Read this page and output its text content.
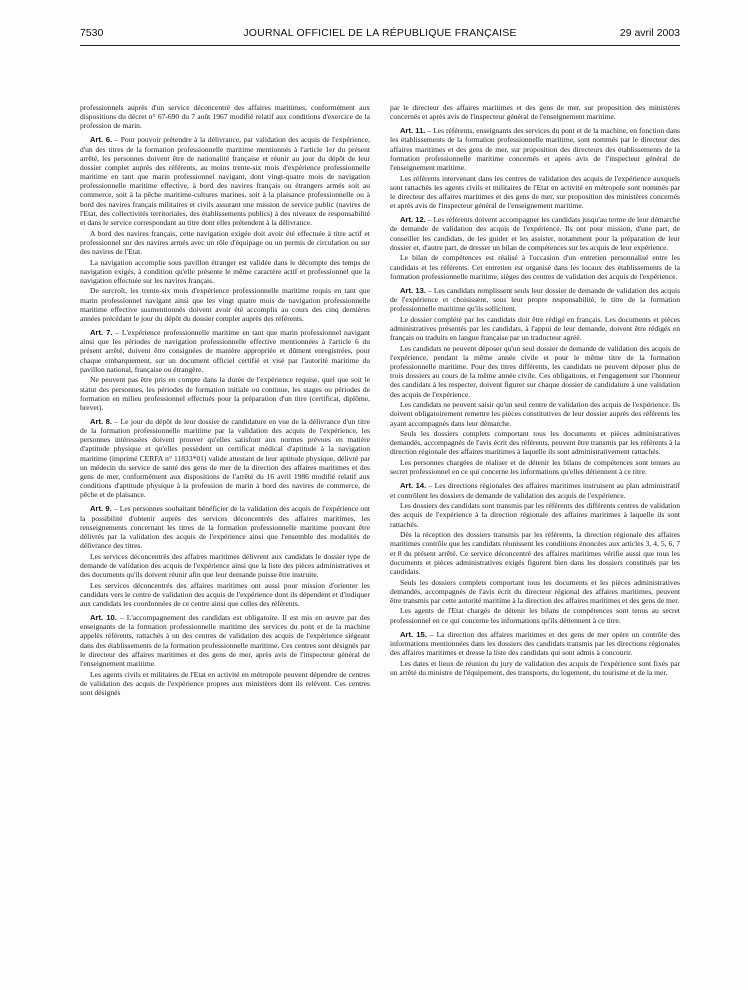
7530	JOURNAL OFFICIEL DE LA RÉPUBLIQUE FRANÇAISE	29 avril 2003

professionnels auprès d'un service déconcentré des affaires maritimes, conformément aux dispositions du décret n° 67-690 du 7 août 1967 modifié relatif aux conditions d'exercice de la profession de marin.

Art. 6. – Pour pouvoir prétendre à la délivrance, par validation des acquis de l'expérience, d'un des titres de la formation professionnelle maritime mentionnés à l'article 1er du présent arrêté, les personnes doivent être de nationalité française et réunir au jour du dépôt de leur dossier complet auprès des référents, au moins trente-six mois d'expérience professionnelle maritime en tant que marin professionnel navigant, dont vingt-quatre mois de navigation professionnelle maritime effective, à bord des navires français ou étrangers armés soit au commerce, soit à la pêche maritime-cultures marines, soit à la plaisance professionnelle ou à bord des navires français militaires et civils assurant une mission de service public (navires de l'Etat, des collectivités territoriales, des établissements publics) à des niveaux de responsabilité et dans le service correspondant au titre dont elles prétendent à la délivrance.

A bord des navires français, cette navigation exigée doit avoir été effectuée à titre actif et professionnel sur des navires armés avec un rôle d'équipage ou un permis de circulation ou sur des navires de l'Etat.

La navigation accomplie sous pavillon étranger est validée dans le décompte des temps de navigation exigés, à condition qu'elle présente le même caractère actif et professionnel que la navigation effectuée sur les navires français.

De surcroît, les trente-six mois d'expérience professionnelle maritime requis en tant que marin professionnel navigant ainsi que les vingt quatre mois de navigation professionnelle maritime effective susmentionnés doivent avoir été accomplis au cours des cinq dernières années précédant le jour du dépôt du dossier complet auprès des référents.

Art. 7. – L'expérience professionnelle maritime en tant que marin professionnel navigant ainsi que les périodes de navigation professionnelle effective mentionnées à l'article 6 du présent arrêté, doivent être consignées de manière appropriée et dûment enregistrées, pour chaque embarquement, sur un document officiel certifié et visé par l'autorité maritime du pavillon national, française ou étrangère.

Ne peuvent pas être pris en compte dans la durée de l'expérience requise, quel que soit le statut des personnes, les périodes de formation initiale ou continue, les stages ou périodes de formation en milieu professionnel effectués pour la préparation d'un titre (certificat, diplôme, brevet).

Art. 8. – Le jour du dépôt de leur dossier de candidature en vue de la délivrance d'un titre de la formation professionnelle maritime par la validation des acquis de l'expérience, les personnes intéressées doivent prouver qu'elles satisfont aux normes prévues en matière d'aptitude physique et qu'elles possèdent un certificat médical d'aptitude à la navigation maritime (imprimé CERFA n° 11833*01) valide attestant de leur aptitude physique, délivré par un médecin du service de santé des gens de mer de la direction des affaires maritimes et des gens de mer, conformément aux dispositions de l'arrêté du 16 avril 1986 modifié relatif aux conditions d'aptitude physique à la profession de marin à bord des navires de commerce, de pêche et de plaisance.

Art. 9. – Les personnes souhaitant bénéficier de la validation des acquis de l'expérience ont la possibilité d'obtenir auprès des services déconcentrés des affaires maritimes, les renseignements concernant les titres de la formation professionnelle maritime pouvant être délivrés par la validation des acquis de l'expérience ainsi que l'ensemble des modalités de délivrance des titres.

Les services déconcentrés des affaires maritimes délivrent aux candidats le dossier type de demande de validation des acquis de l'expérience ainsi que la liste des pièces administratives et des documents qu'ils doivent réunir afin que leur demande puisse être instruite.

Les services déconcentrés des affaires maritimes ont aussi pour mission d'orienter les candidats vers le centre de validation des acquis de l'expérience dont ils dépendent et d'indiquer aux candidats les coordonnées de ce centre ainsi que celles des référents.

Art. 10. – L'accompagnement des candidats est obligatoire. Il est mis en œuvre par des enseignants de la formation professionnelle maritime des services du pont et de la machine appelés référents, rattachés à un des centres de validation des acquis de l'expérience siégeant dans des établissements de la formation professionnelle maritime. Ces centres sont désignés par le directeur des affaires maritimes et des gens de mer, après avis de l'inspecteur général de l'enseignement maritime.

Les agents civils et militaires de l'Etat en activité en métropole peuvent dépendre de centres de validation des acquis de l'expérience propres aux ministères dont ils relèvent. Ces centres sont désignés

par le directeur des affaires maritimes et des gens de mer, sur proposition des ministères concernés et après avis de l'inspecteur général de l'enseignement maritime.

Art. 11. – Les référents, enseignants des services du pont et de la machine, en fonction dans les établissements de la formation professionnelle maritime, sont nommés par le directeur des affaires maritimes et des gens de mer, sur proposition des directeurs des établissements de la formation professionnelle maritime concernés et après avis de l'inspecteur général de l'enseignement maritime.

Les référents intervenant dans les centres de validation des acquis de l'expérience auxquels sont rattachés les agents civils et militaires de l'Etat en activité en métropole sont nommés par le directeur des affaires maritimes et des gens de mer, sur proposition des ministères concernés et après avis de l'inspecteur général de l'enseignement maritime.

Art. 12. – Les référents doivent accompagner les candidats jusqu'au terme de leur démarche de demande de validation des acquis de l'expérience. Ils ont pour mission, d'une part, de conseiller les candidats, de les guider et les assister, notamment pour la préparation de leur dossier et, d'autre part, de dresser un bilan de compétences sur les acquis de leur expérience.

Le bilan de compétences est réalisé à l'occasion d'un entretien personnalisé entre les candidats et les référents. Cet entretien est organisé dans les locaux des établissements de la formation professionnelle maritime, sièges des centres de validation des acquis de l'expérience.

Art. 13. – Les candidats remplissent seuls leur dossier de demande de validation des acquis de l'expérience et choisissent, sous leur propre responsabilité, le titre de la formation professionnelle maritime qu'ils sollicitent.

Le dossier complété par les candidats doit être rédigé en français. Les documents et pièces administratives présentés par les candidats, à l'appui de leur demande, doivent être rédigés en français ou traduits en langue française par un traducteur agréé.

Les candidats ne peuvent déposer qu'un seul dossier de demande de validation des acquis de l'expérience, pendant la même année civile et pour le même titre de la formation professionnelle maritime. Pour des titres différents, les candidats ne peuvent déposer plus de trois dossiers au cours de la même année civile. Ces obligations, et l'engagement sur l'honneur des candidats à les respecter, doivent figurer sur chaque dossier de candidature à une validation des acquis de l'expérience.

Les candidats ne peuvent saisir qu'un seul centre de validation des acquis de l'expérience. Ils doivent obligatoirement remettre les pièces constitutives de leur dossier auprès des référents les ayant accompagnés dans leur démarche.

Seuls les dossiers complets comportant tous les documents et pièces administratives demandés, accompagnés de l'avis écrit des référents, peuvent être transmis par les référents à la direction régionale des affaires maritimes à laquelle ils sont administrativement rattachés.

Les personnes chargées de réaliser et de détenir les bilans de compétences sont tenues au secret professionnel en ce qui concerne les informations qu'elles détiennent à ce titre.

Art. 14. – Les directions régionales des affaires maritimes instruisent au plan administratif et contrôlent les dossiers de demande de validation des acquis de l'expérience.

Les dossiers des candidats sont transmis par les référents des différents centres de validation des acquis de l'expérience à la direction régionale des affaires maritimes à laquelle ils sont rattachés.

Dès la réception des dossiers transmis par les référents, la direction régionale des affaires maritimes contrôle que les candidats réunissent les conditions énoncées aux articles 3, 4, 5, 6, 7 et 8 du présent arrêté. Ce service déconcentré des affaires maritimes vérifie aussi que tous les documents et pièces administratives exigés figurent bien dans les dossiers constitués par les candidats.

Seuls les dossiers complets comportant tous les documents et les pièces administratives demandés, accompagnés de l'avis écrit du directeur régional des affaires maritimes, peuvent être transmis par cette autorité maritime à la direction des affaires maritimes et des gens de mer.

Les agents de l'Etat chargés de détenir les bilans de compétences sont tenus au secret professionnel en ce qui concerne les informations qu'ils détiennent à ce titre.

Art. 15. – La direction des affaires maritimes et des gens de mer opère un contrôle des informations mentionnées dans les dossiers des candidats transmis par les directions régionales des affaires maritimes et dresse la liste des candidats qui sont admis à concourir.

Les dates et lieux de réunion du jury de validation des acquis de l'expérience sont fixés par un arrêté du ministre de l'équipement, des transports, du logement, du tourisme et de la mer.
